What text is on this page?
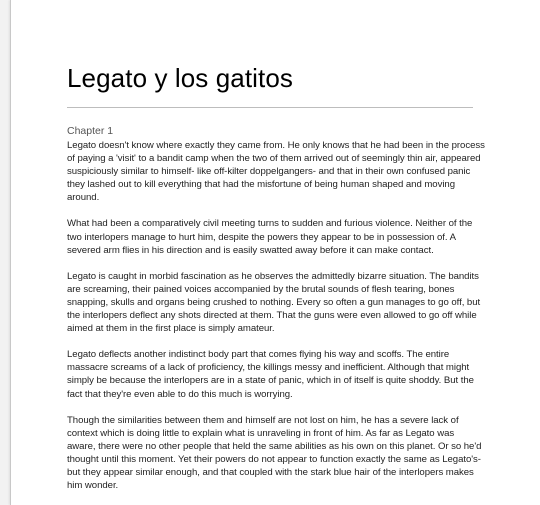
Legato y los gatitos
Chapter 1

Legato doesn't know where exactly they came from. He only knows that he had been in the process of paying a 'visit' to a bandit camp when the two of them arrived out of seemingly thin air, appeared suspiciously similar to himself- like off-kilter doppelgangers- and that in their own confused panic they lashed out to kill everything that had the misfortune of being human shaped and moving around.

What had been a comparatively civil meeting turns to sudden and furious violence. Neither of the two interlopers manage to hurt him, despite the powers they appear to be in possession of. A severed arm flies in his direction and is easily swatted away before it can make contact.

Legato is caught in morbid fascination as he observes the admittedly bizarre situation. The bandits are screaming, their pained voices accompanied by the brutal sounds of flesh tearing, bones snapping, skulls and organs being crushed to nothing. Every so often a gun manages to go off, but the interlopers deflect any shots directed at them. That the guns were even allowed to go off while aimed at them in the first place is simply amateur.

Legato deflects another indistinct body part that comes flying his way and scoffs. The entire massacre screams of a lack of proficiency, the killings messy and inefficient. Although that might simply be because the interlopers are in a state of panic, which in of itself is quite shoddy. But the fact that they're even able to do this much is worrying.

Though the similarities between them and himself are not lost on him, he has a severe lack of context which is doing little to explain what is unraveling in front of him. As far as Legato was aware, there were no other people that held the same abilities as his own on this planet. Or so he'd thought until this moment. Yet their powers do not appear to function exactly the same as Legato's- but they appear similar enough, and that coupled with the stark blue hair of the interlopers makes him wonder.
